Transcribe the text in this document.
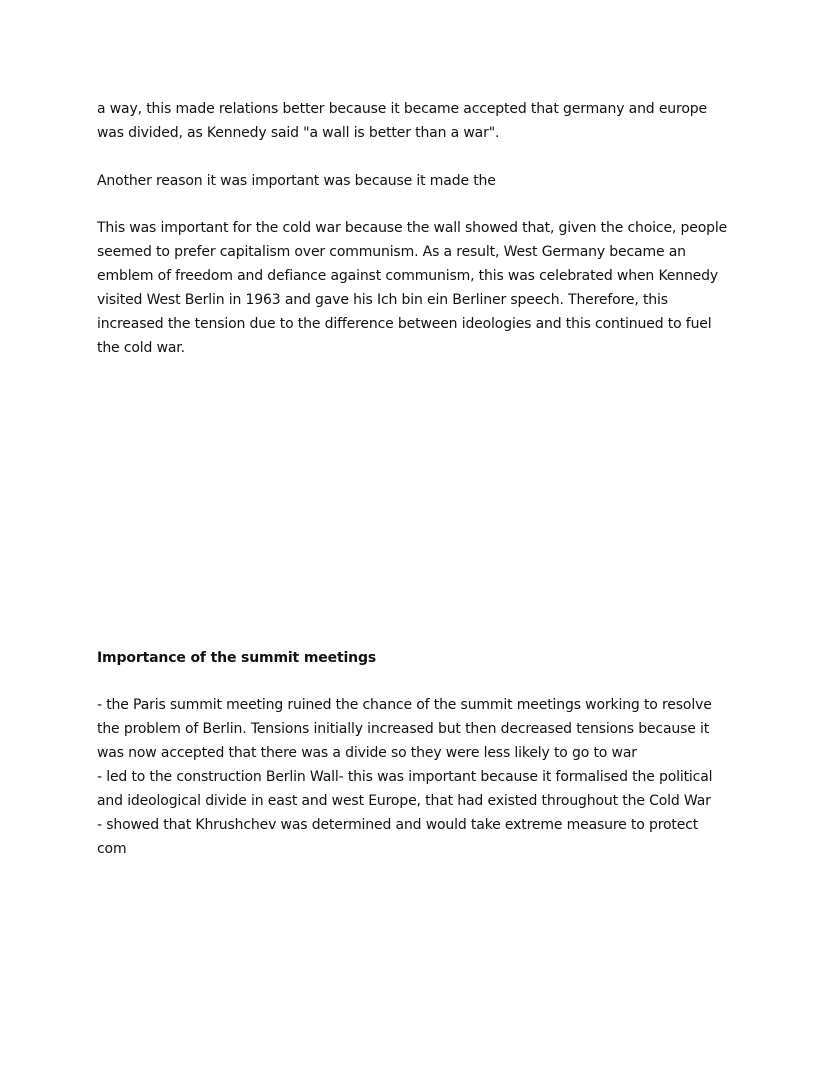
a way, this made relations better because it became accepted that germany and europe
was divided, as Kennedy said "a wall is better than a war".
Another reason it was important was because it made the
This was important for the cold war because the wall showed that, given the choice, people
seemed to prefer capitalism over communism. As a result, West Germany became an
emblem of freedom and defiance against communism, this was celebrated when Kennedy
visited West Berlin in 1963 and gave his Ich bin ein Berliner speech. Therefore, this
increased the tension due to the difference between ideologies and this continued to fuel
the cold war.
Importance of the summit meetings
- the Paris summit meeting ruined the chance of the summit meetings working to resolve
the problem of Berlin. Tensions initially increased but then decreased tensions because it
was now accepted that there was a divide so they were less likely to go to war
- led to the construction Berlin Wall- this was important because it formalised the political
and ideological divide in east and west Europe, that had existed throughout the Cold War
- showed that Khrushchev was determined and would take extreme measure to protect
com
